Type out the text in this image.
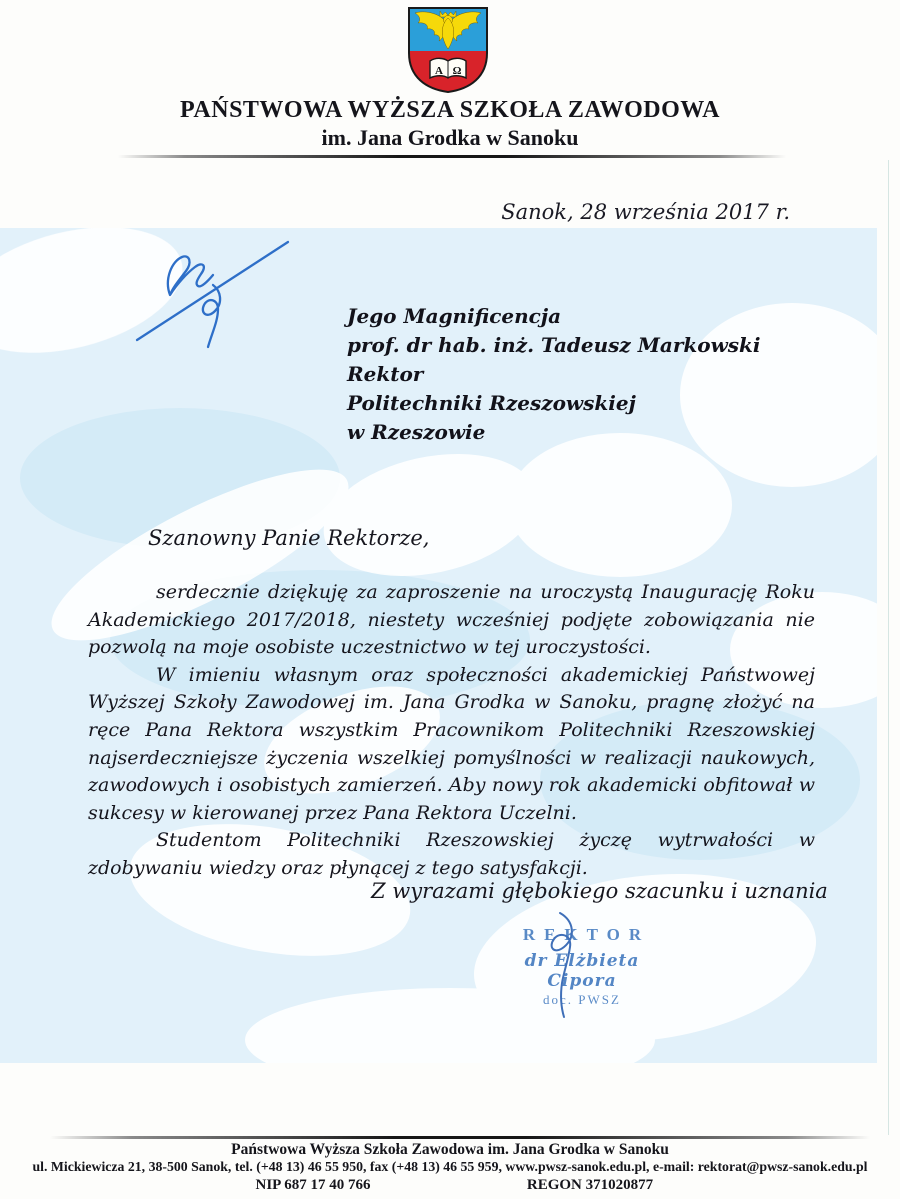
Α Ω
PAŃSTWOWA WYŻSZA SZKOŁA ZAWODOWA
im. Jana Grodka w Sanoku
Sanok, 28 września 2017 r.
Jego Magnificencja
prof. dr hab. inż. Tadeusz Markowski
Rektor
Politechniki Rzeszowskiej
w Rzeszowie
Szanowny Panie Rektorze,

serdecznie dziękuję za zaproszenie na uroczystą Inaugurację Roku Akademickiego 2017/2018, niestety wcześniej podjęte zobowiązania nie pozwolą na moje osobiste uczestnictwo w tej uroczystości.

W imieniu własnym oraz społeczności akademickiej Państwowej Wyższej Szkoły Zawodowej im. Jana Grodka w Sanoku, pragnę złożyć na ręce Pana Rektora wszystkim Pracownikom Politechniki Rzeszowskiej najserdeczniejsze życzenia wszelkiej pomyślności w realizacji naukowych, zawodowych i osobistych zamierzeń. Aby nowy rok akademicki obfitował w sukcesy w kierowanej przez Pana Rektora Uczelni.

Studentom Politechniki Rzeszowskiej życzę wytrwałości w zdobywaniu wiedzy oraz płynącej z tego satysfakcji.

Z wyrazami głębokiego szacunku i uznania
REKTOR
dr Elżbieta Cipora
doc. PWSZ
Państwowa Wyższa Szkoła Zawodowa im. Jana Grodka w Sanoku
ul. Mickiewicza 21, 38-500 Sanok, tel. (+48 13) 46 55 950, fax (+48 13) 46 55 959, www.pwsz-sanok.edu.pl, e-mail: rektorat@pwsz-sanok.edu.pl
NIP 687 17 40 766	REGON 371020877
